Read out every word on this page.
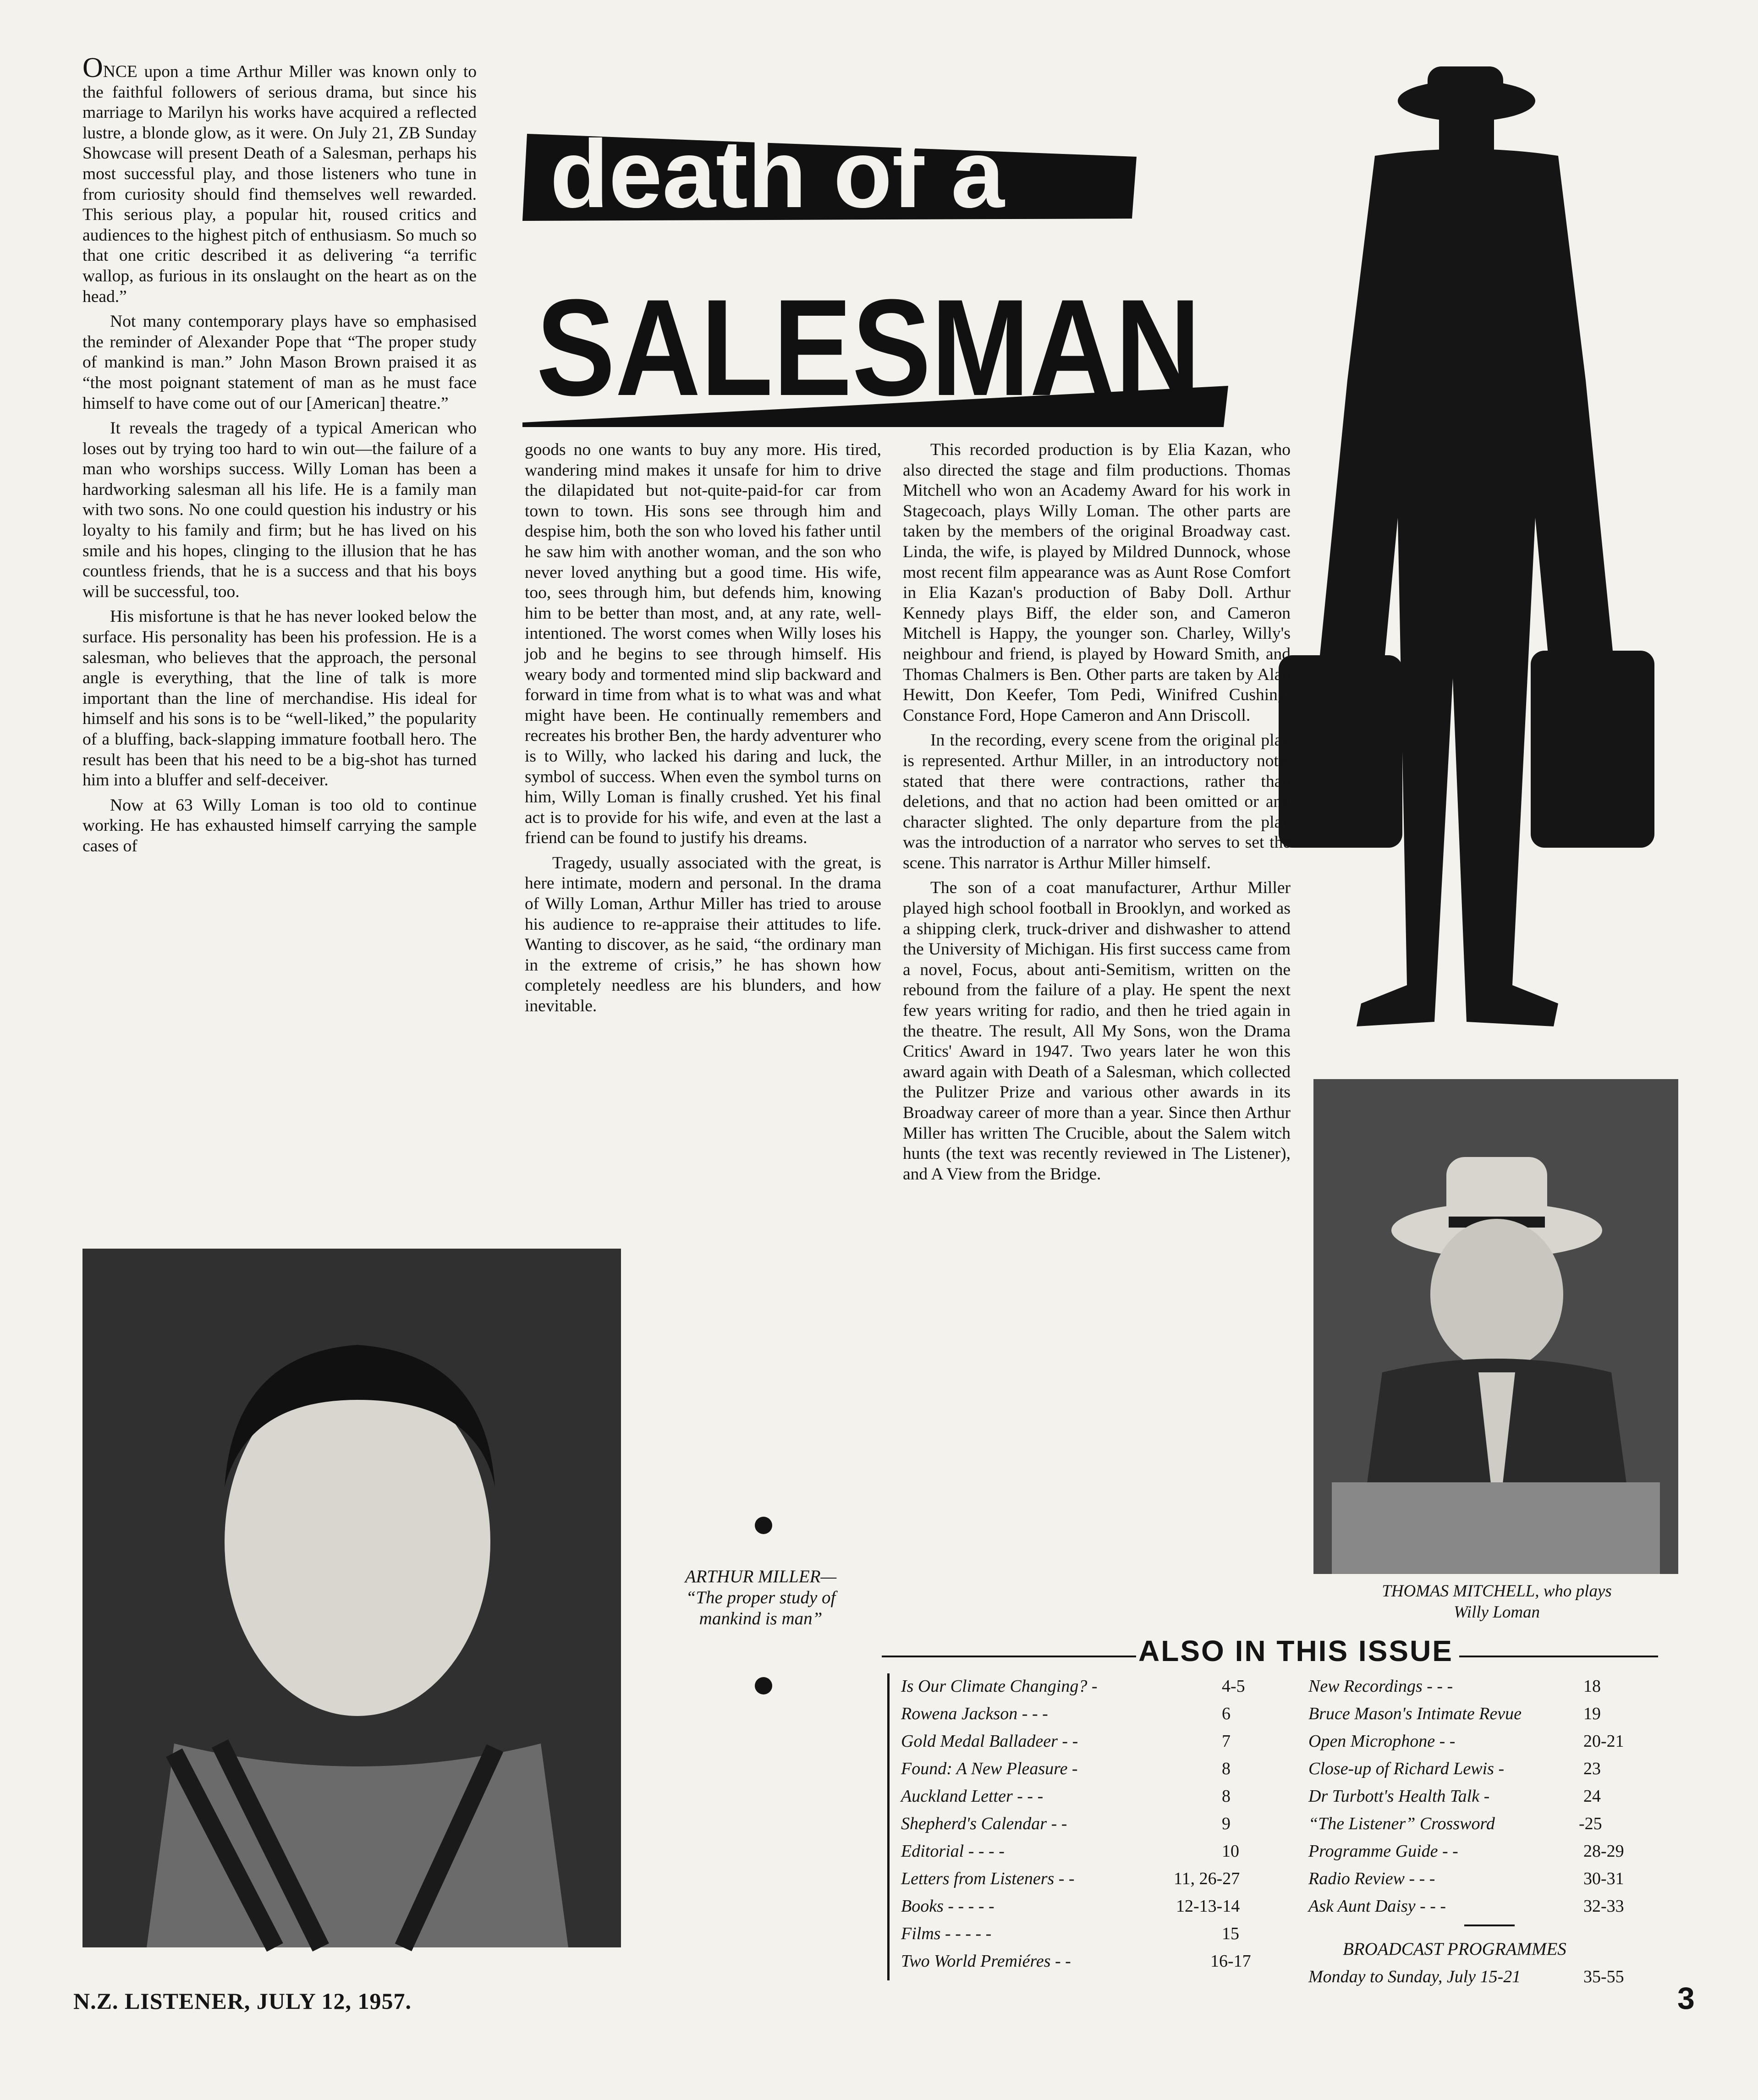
ONCE upon a time Arthur Miller was known only to the faithful followers of serious drama, but since his marriage to Marilyn his works have acquired a reflected lustre, a blonde glow, as it were. On July 21, ZB Sunday Showcase will present Death of a Salesman, perhaps his most successful play, and those listeners who tune in from curiosity should find themselves well rewarded. This serious play, a popular hit, roused critics and audiences to the highest pitch of enthusiasm. So much so that one critic described it as delivering “a terrific wallop, as furious in its onslaught on the heart as on the head.”

Not many contemporary plays have so emphasised the reminder of Alexander Pope that “The proper study of mankind is man.” John Mason Brown praised it as “the most poignant statement of man as he must face himself to have come out of our [American] theatre.”

It reveals the tragedy of a typical American who loses out by trying too hard to win out—the failure of a man who worships success. Willy Loman has been a hardworking salesman all his life. He is a family man with two sons. No one could question his industry or his loyalty to his family and firm; but he has lived on his smile and his hopes, clinging to the illusion that he has countless friends, that he is a success and that his boys will be successful, too.

His misfortune is that he has never looked below the surface. His personality has been his profession. He is a salesman, who believes that the approach, the personal angle is everything, that the line of talk is more important than the line of merchandise. His ideal for himself and his sons is to be “well-liked,” the popularity of a bluffing, back-slapping immature football hero. The result has been that his need to be a big-shot has turned him into a bluffer and self-deceiver.

Now at 63 Willy Loman is too old to continue working. He has exhausted himself carrying the sample cases of

death of a
SALESMAN

goods no one wants to buy any more. His tired, wandering mind makes it unsafe for him to drive the dilapidated but not-quite-paid-for car from town to town. His sons see through him and despise him, both the son who loved his father until he saw him with another woman, and the son who never loved anything but a good time. His wife, too, sees through him, but defends him, knowing him to be better than most, and, at any rate, well-intentioned. The worst comes when Willy loses his job and he begins to see through himself. His weary body and tormented mind slip backward and forward in time from what is to what was and what might have been. He continually remembers and recreates his brother Ben, the hardy adventurer who is to Willy, who lacked his daring and luck, the symbol of success. When even the symbol turns on him, Willy Loman is finally crushed. Yet his final act is to provide for his wife, and even at the last a friend can be found to justify his dreams.

Tragedy, usually associated with the great, is here intimate, modern and personal. In the drama of Willy Loman, Arthur Miller has tried to arouse his audience to re-appraise their attitudes to life. Wanting to discover, as he said, “the ordinary man in the extreme of crisis,” he has shown how completely needless are his blunders, and how inevitable.

This recorded production is by Elia Kazan, who also directed the stage and film productions. Thomas Mitchell who won an Academy Award for his work in Stagecoach, plays Willy Loman. The other parts are taken by the members of the original Broadway cast. Linda, the wife, is played by Mildred Dunnock, whose most recent film appearance was as Aunt Rose Comfort in Elia Kazan's production of Baby Doll. Arthur Kennedy plays Biff, the elder son, and Cameron Mitchell is Happy, the younger son. Charley, Willy's neighbour and friend, is played by Howard Smith, and Thomas Chalmers is Ben. Other parts are taken by Alan Hewitt, Don Keefer, Tom Pedi, Winifred Cushing, Constance Ford, Hope Cameron and Ann Driscoll.

In the recording, every scene from the original play is represented. Arthur Miller, in an introductory note, stated that there were contractions, rather than deletions, and that no action had been omitted or any character slighted. The only departure from the play was the introduction of a narrator who serves to set the scene. This narrator is Arthur Miller himself.

The son of a coat manufacturer, Arthur Miller played high school football in Brooklyn, and worked as a shipping clerk, truck-driver and dishwasher to attend the University of Michigan. His first success came from a novel, Focus, about anti-Semitism, written on the rebound from the failure of a play. He spent the next few years writing for radio, and then he tried again in the theatre. The result, All My Sons, won the Drama Critics' Award in 1947. Two years later he won this award again with Death of a Salesman, which collected the Pulitzer Prize and various other awards in its Broadway career of more than a year. Since then Arthur Miller has written The Crucible, about the Salem witch hunts (the text was recently reviewed in The Listener), and A View from the Bridge.

ARTHUR MILLER—
“The proper study of
mankind is man”
THOMAS MITCHELL, who plays
Willy Loman
ALSO IN THIS ISSUE
Is Our Climate Changing? -	4-5
Rowena Jackson - - -	6
Gold Medal Balladeer - -	7
Found: A New Pleasure -	8
Auckland Letter - - -	8
Shepherd's Calendar - -	9
Editorial - - - -	10
Letters from Listeners - -	11, 26-27
Books - - - - -	12-13-14
Films - - - - -	15
Two World Premiéres - -	16-17
New Recordings - - -	18
Bruce Mason's Intimate Revue	19
Open Microphone - -	20-21
Close-up of Richard Lewis -	23
Dr Turbott's Health Talk -	24
“The Listener” Crossword	-25
Programme Guide - -	28-29
Radio Review - - -	30-31
Ask Aunt Daisy - - -	32-33
BROADCAST PROGRAMMES
Monday to Sunday, July 15-21	35-55
N.Z. LISTENER, JULY 12, 1957.	3
